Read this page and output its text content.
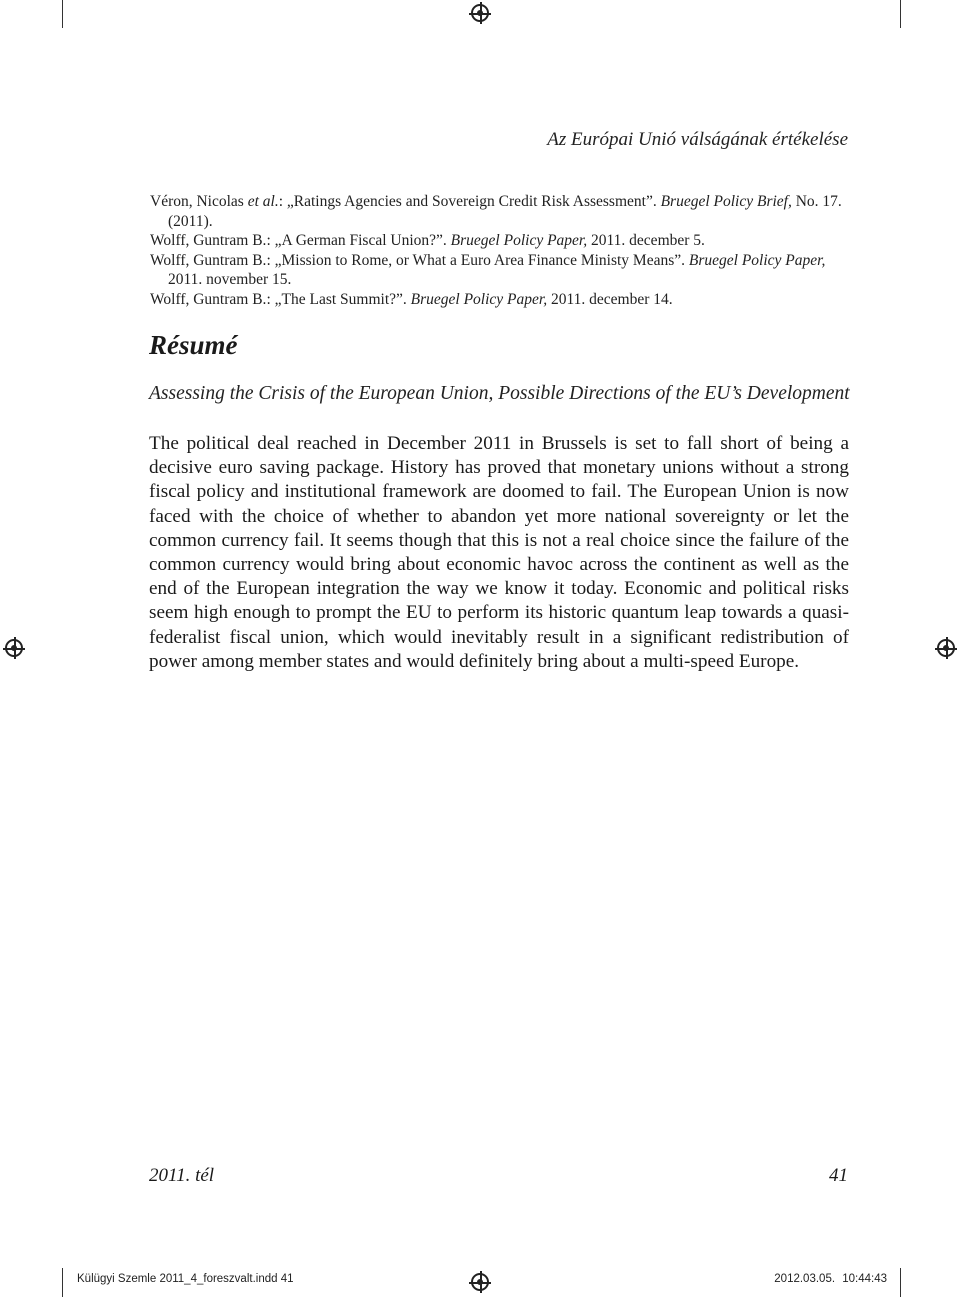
Az Európai Unió válságának értékelése
Véron, Nicolas et al.: „Ratings Agencies and Sovereign Credit Risk Assessment”. Bruegel Policy Brief, No. 17. (2011).
Wolff, Guntram B.: „A German Fiscal Union?”. Bruegel Policy Paper, 2011. december 5.
Wolff, Guntram B.: „Mission to Rome, or What a Euro Area Finance Ministy Means”. Bruegel Policy Paper, 2011. november 15.
Wolff, Guntram B.: „The Last Summit?”. Bruegel Policy Paper, 2011. december 14.
Résumé
Assessing the Crisis of the European Union, Possible Directions of the EU’s Development
The political deal reached in December 2011 in Brussels is set to fall short of being a decisive euro saving package. History has proved that monetary unions without a strong fiscal policy and institutional framework are doomed to fail. The European Union is now faced with the choice of whether to abandon yet more national sovereignty or let the common currency fail. It seems though that this is not a real choice since the failure of the common currency would bring about economic havoc across the continent as well as the end of the European integration the way we know it today. Economic and political risks seem high enough to prompt the EU to perform its historic quantum leap towards a quasi-federalist fiscal union, which would inevitably result in a significant redistribution of power among member states and would definitely bring about a multi-speed Europe.
2011. tél	41
Külügyi Szemle 2011_4_foreszvalt.indd 41	2012.03.05. 10:44:43
